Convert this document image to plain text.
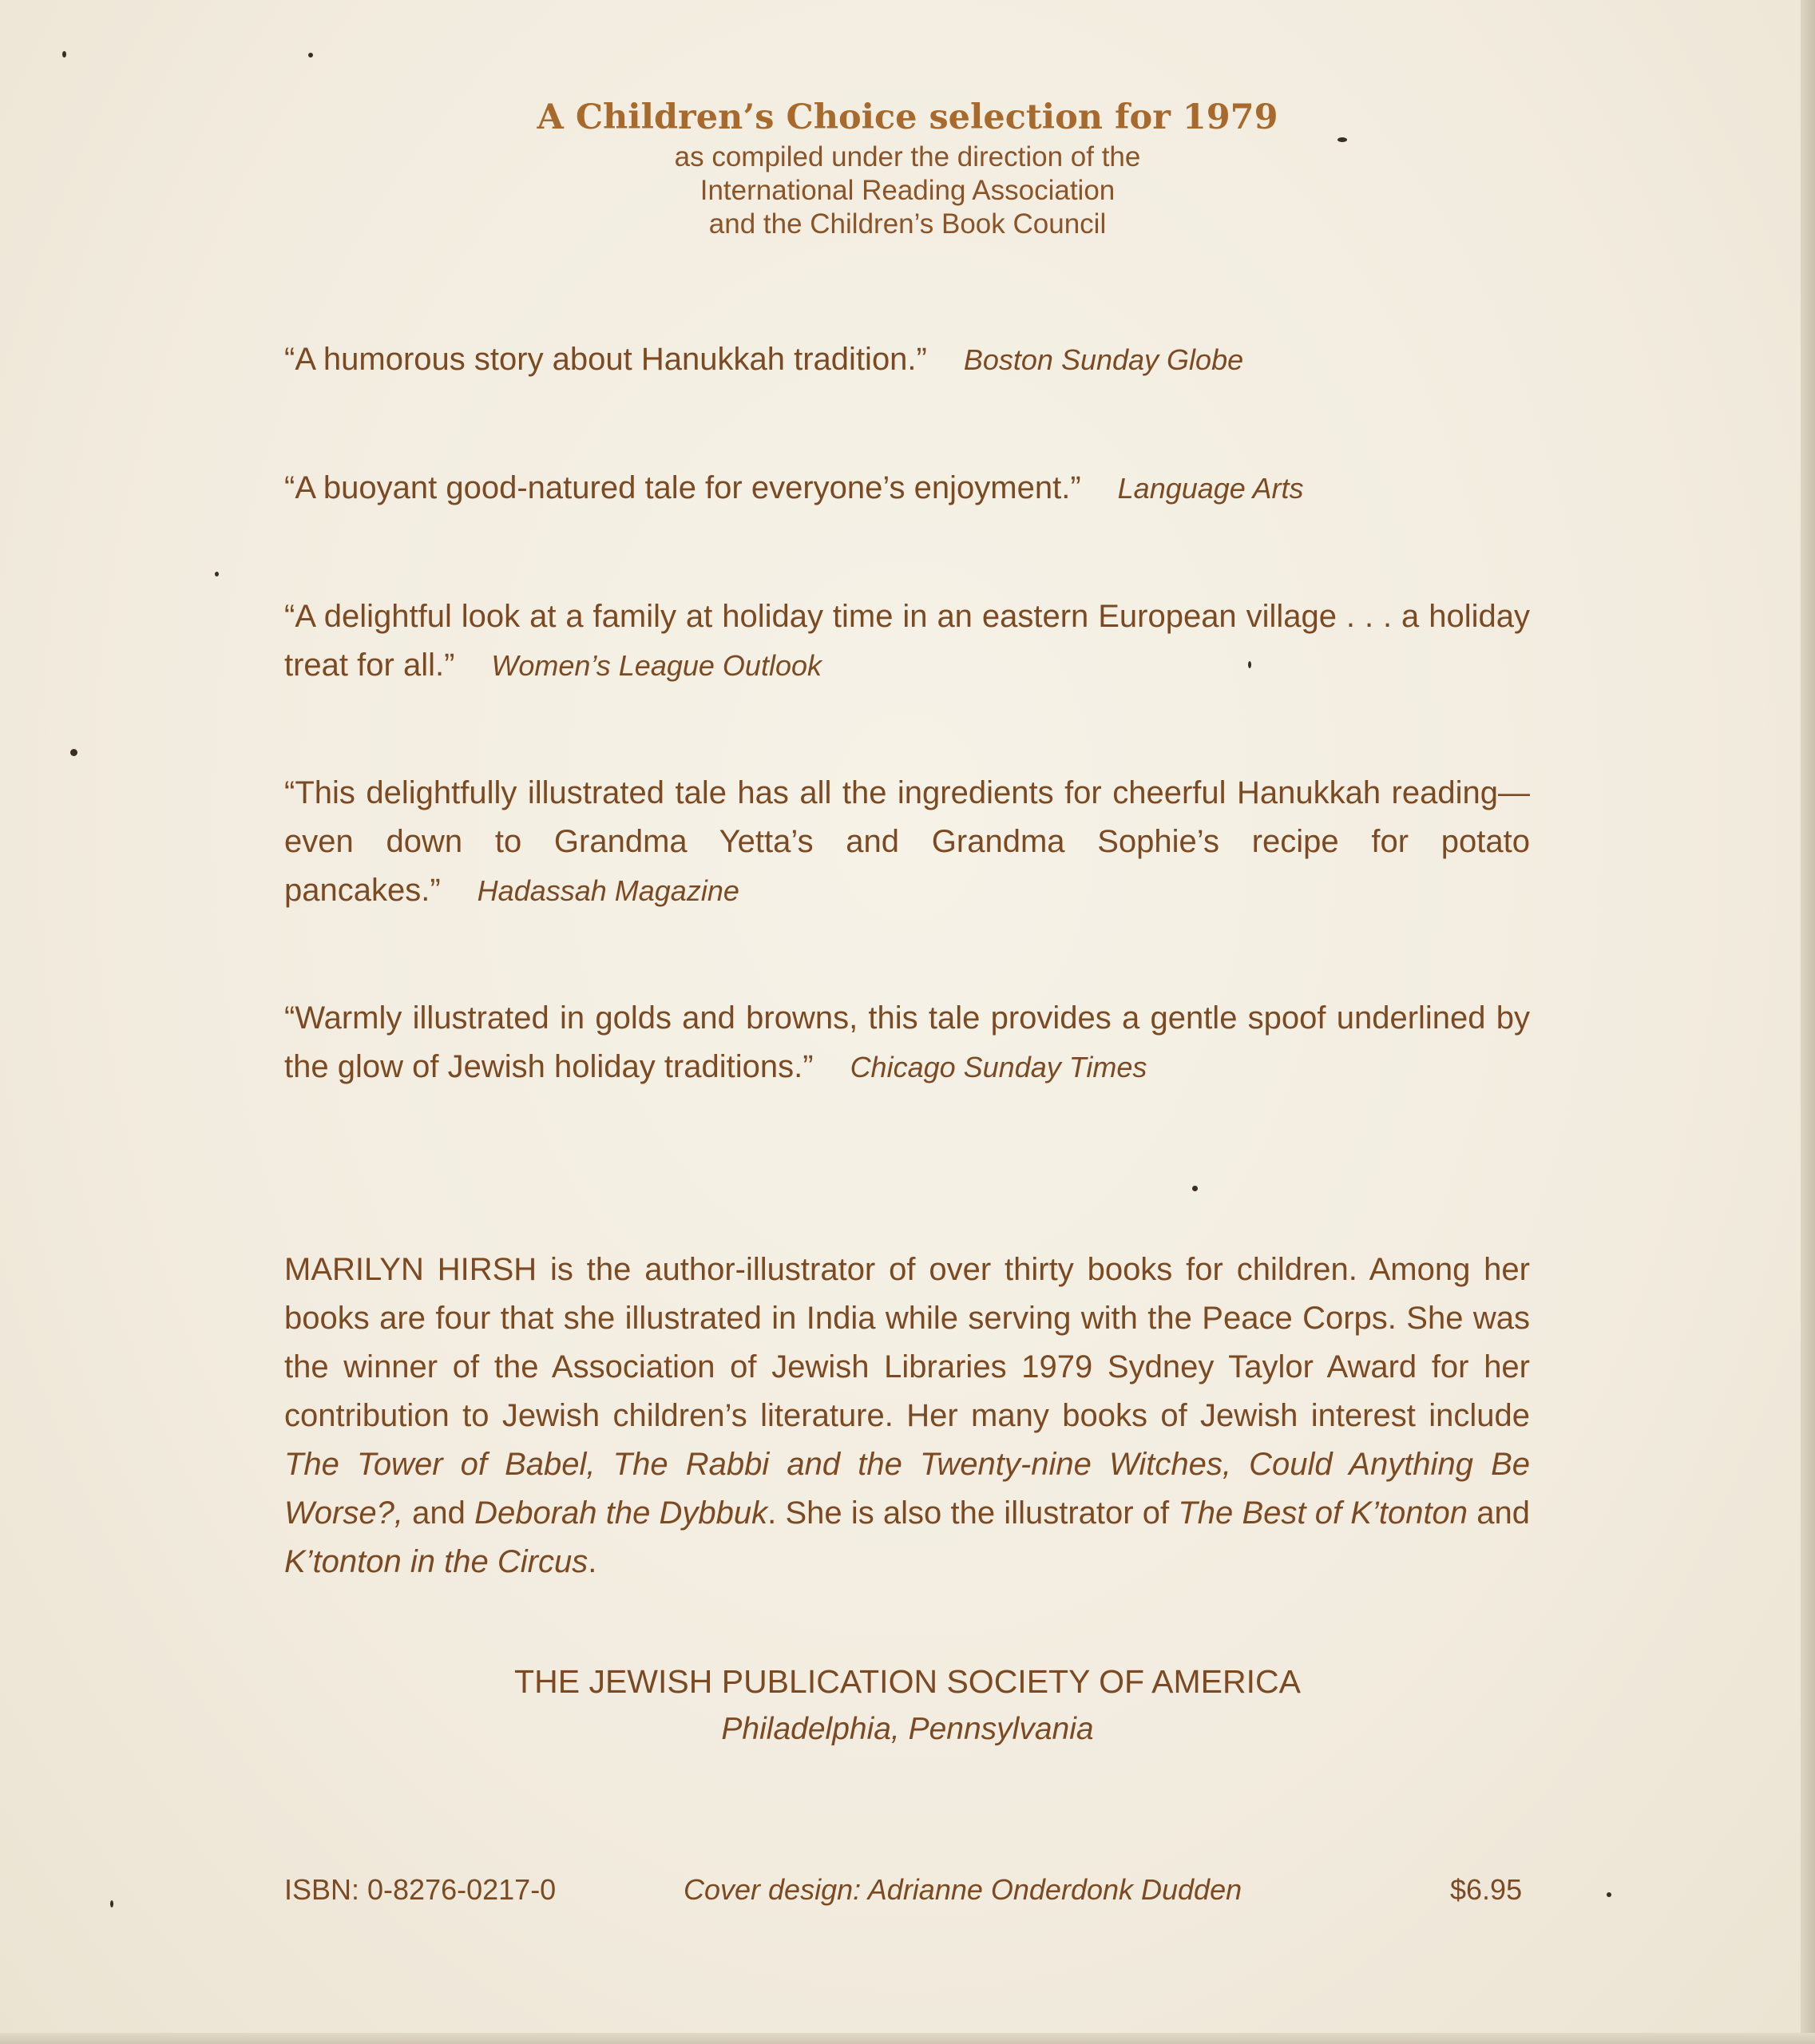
A Children’s Choice selection for 1979
as compiled under the direction of the
International Reading Association
and the Children’s Book Council
“A humorous story about Hanukkah tradition.” Boston Sunday Globe
“A buoyant good-natured tale for everyone’s enjoyment.” Language Arts
“A delightful look at a family at holiday time in an eastern European village . . . a holiday treat for all.” Women’s League Outlook
“This delightfully illustrated tale has all the ingredients for cheerful Hanukkah reading—even down to Grandma Yetta’s and Grandma Sophie’s recipe for potato pancakes.” Hadassah Magazine
“Warmly illustrated in golds and browns, this tale provides a gentle spoof underlined by the glow of Jewish holiday traditions.” Chicago Sunday Times
MARILYN HIRSH is the author-illustrator of over thirty books for children. Among her books are four that she illustrated in India while serving with the Peace Corps. She was the winner of the Association of Jewish Libraries 1979 Sydney Taylor Award for her contribution to Jewish children’s literature. Her many books of Jewish interest include The Tower of Babel, The Rabbi and the Twenty-nine Witches, Could Anything Be Worse?, and Deborah the Dybbuk. She is also the illustrator of The Best of K’tonton and K’tonton in the Circus.
THE JEWISH PUBLICATION SOCIETY OF AMERICA
Philadelphia, Pennsylvania
ISBN: 0-8276-0217-0	Cover design: Adrianne Onderdonk Dudden	$6.95
